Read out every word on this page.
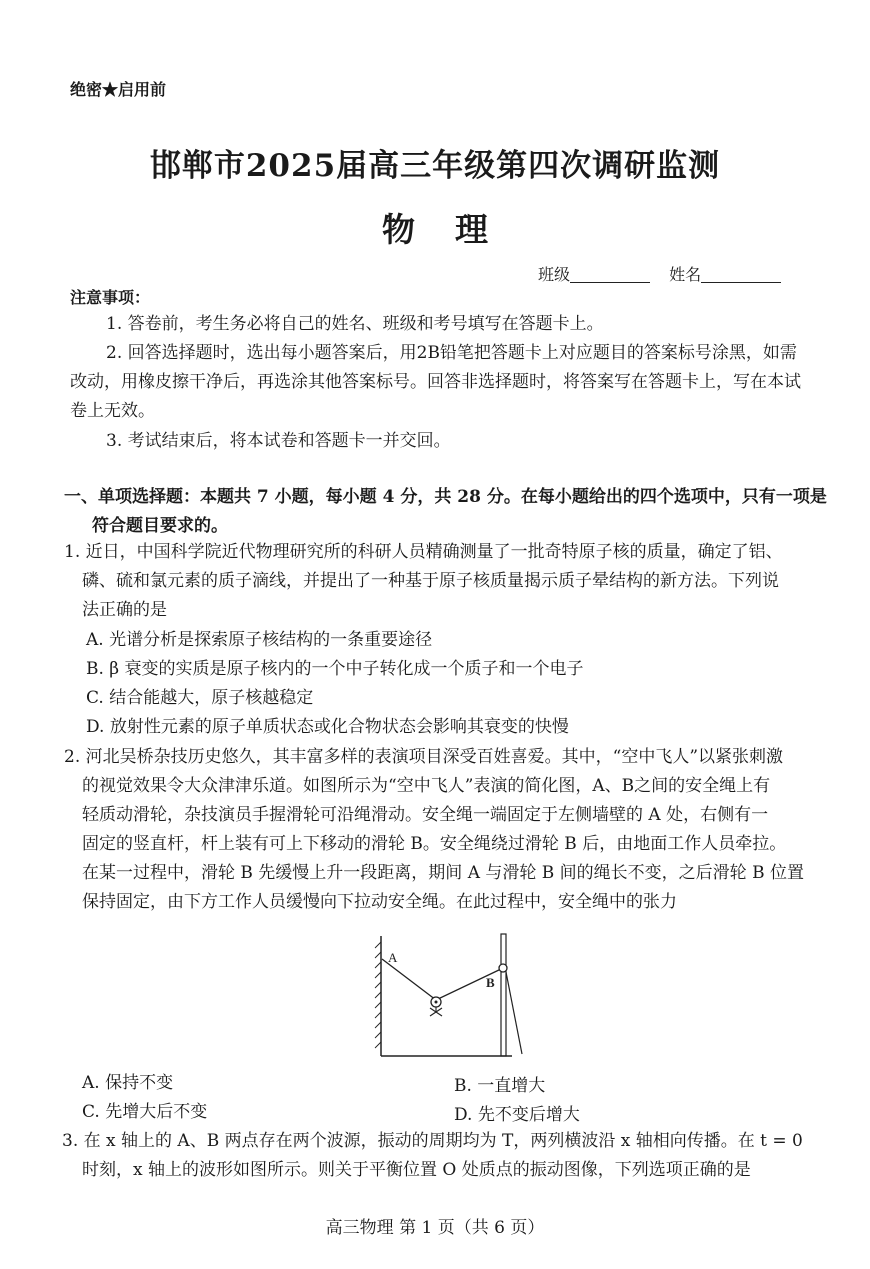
绝密★启用前
邯郸市2025届高三年级第四次调研监测
物理
班级	姓名
注意事项：
1. 答卷前，考生务必将自己的姓名、班级和考号填写在答题卡上。
2. 回答选择题时，选出每小题答案后，用2B铅笔把答题卡上对应题目的答案标号涂黑，如需
改动，用橡皮擦干净后，再选涂其他答案标号。回答非选择题时，将答案写在答题卡上，写在本试
卷上无效。
3. 考试结束后，将本试卷和答题卡一并交回。
一、单项选择题：本题共 7 小题，每小题 4 分，共 28 分。在每小题给出的四个选项中，只有一项是
符合题目要求的。
1. 近日，中国科学院近代物理研究所的科研人员精确测量了一批奇特原子核的质量，确定了铝、
磷、硫和氯元素的质子滴线，并提出了一种基于原子核质量揭示质子晕结构的新方法。下列说
法正确的是
A. 光谱分析是探索原子核结构的一条重要途径
B. β 衰变的实质是原子核内的一个中子转化成一个质子和一个电子
C. 结合能越大，原子核越稳定
D. 放射性元素的原子单质状态或化合物状态会影响其衰变的快慢
2. 河北吴桥杂技历史悠久，其丰富多样的表演项目深受百姓喜爱。其中，“空中飞人”以紧张刺激
的视觉效果令大众津津乐道。如图所示为“空中飞人”表演的简化图，A、B之间的安全绳上有
轻质动滑轮，杂技演员手握滑轮可沿绳滑动。安全绳一端固定于左侧墙壁的 A 处，右侧有一
固定的竖直杆，杆上装有可上下移动的滑轮 B。安全绳绕过滑轮 B 后，由地面工作人员牵拉。
在某一过程中，滑轮 B 先缓慢上升一段距离，期间 A 与滑轮 B 间的绳长不变，之后滑轮 B 位置
保持固定，由下方工作人员缓慢向下拉动安全绳。在此过程中，安全绳中的张力
A
B
A. 保持不变	B. 一直增大
C. 先增大后不变	D. 先不变后增大
3. 在 x 轴上的 A、B 两点存在两个波源，振动的周期均为 T，两列横波沿 x 轴相向传播。在 t = 0
时刻，x 轴上的波形如图所示。则关于平衡位置 O 处质点的振动图像，下列选项正确的是
高三物理 第 1 页（共 6 页）
